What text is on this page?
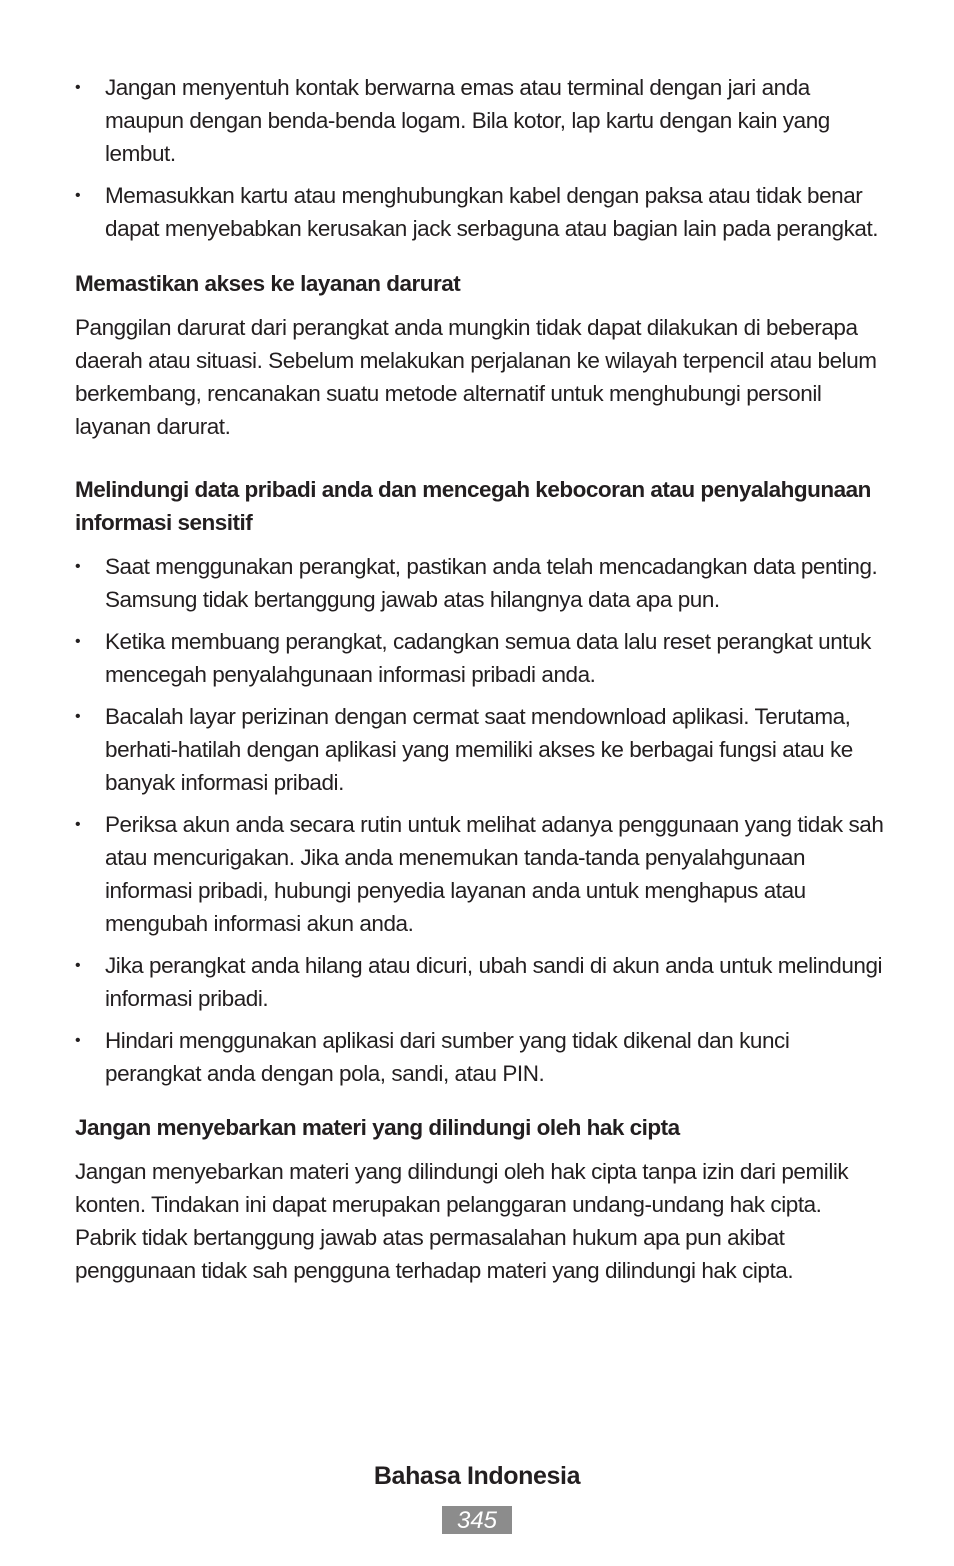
• Jangan menyentuh kontak berwarna emas atau terminal dengan jari anda maupun dengan benda-benda logam. Bila kotor, lap kartu dengan kain yang lembut.
• Memasukkan kartu atau menghubungkan kabel dengan paksa atau tidak benar dapat menyebabkan kerusakan jack serbaguna atau bagian lain pada perangkat.
Memastikan akses ke layanan darurat

Panggilan darurat dari perangkat anda mungkin tidak dapat dilakukan di beberapa daerah atau situasi. Sebelum melakukan perjalanan ke wilayah terpencil atau belum berkembang, rencanakan suatu metode alternatif untuk menghubungi personil layanan darurat.

Melindungi data pribadi anda dan mencegah kebocoran atau penyalahgunaan informasi sensitif
• Saat menggunakan perangkat, pastikan anda telah mencadangkan data penting. Samsung tidak bertanggung jawab atas hilangnya data apa pun.
• Ketika membuang perangkat, cadangkan semua data lalu reset perangkat untuk mencegah penyalahgunaan informasi pribadi anda.
• Bacalah layar perizinan dengan cermat saat mendownload aplikasi. Terutama, berhati-hatilah dengan aplikasi yang memiliki akses ke berbagai fungsi atau ke banyak informasi pribadi.
• Periksa akun anda secara rutin untuk melihat adanya penggunaan yang tidak sah atau mencurigakan. Jika anda menemukan tanda-tanda penyalahgunaan informasi pribadi, hubungi penyedia layanan anda untuk menghapus atau mengubah informasi akun anda.
• Jika perangkat anda hilang atau dicuri, ubah sandi di akun anda untuk melindungi informasi pribadi.
• Hindari menggunakan aplikasi dari sumber yang tidak dikenal dan kunci perangkat anda dengan pola, sandi, atau PIN.
Jangan menyebarkan materi yang dilindungi oleh hak cipta

Jangan menyebarkan materi yang dilindungi oleh hak cipta tanpa izin dari pemilik konten. Tindakan ini dapat merupakan pelanggaran undang-undang hak cipta. Pabrik tidak bertanggung jawab atas permasalahan hukum apa pun akibat penggunaan tidak sah pengguna terhadap materi yang dilindungi hak cipta.

Bahasa Indonesia
345
